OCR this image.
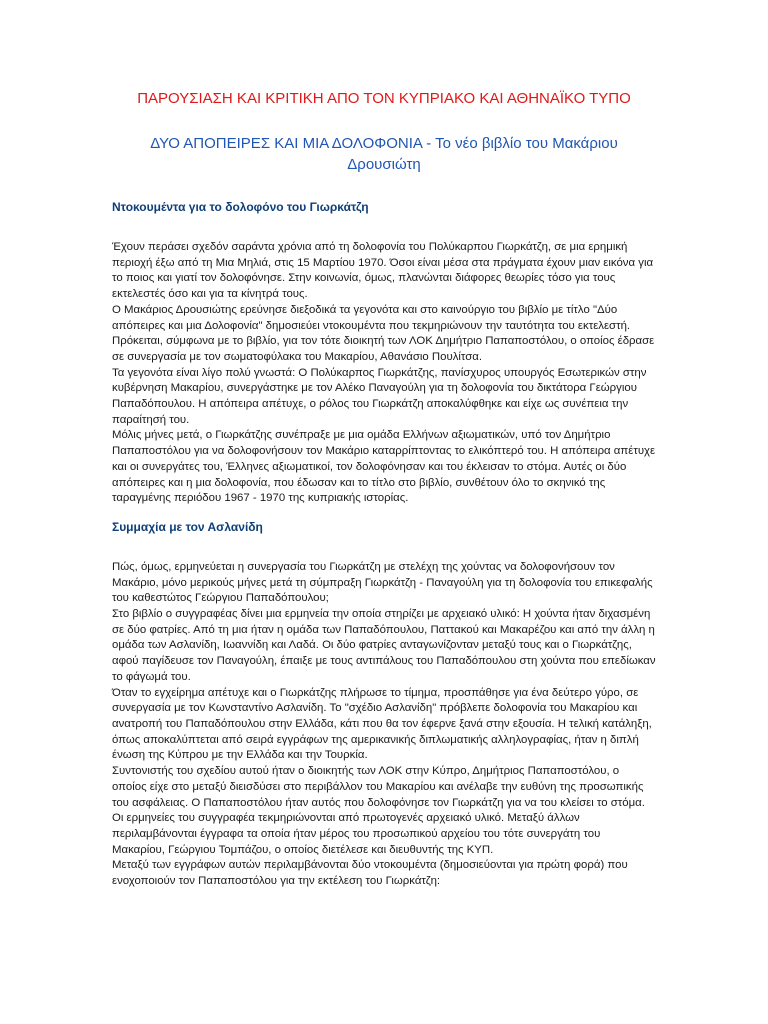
ΠΑΡΟΥΣΙΑΣΗ ΚΑΙ ΚΡΙΤΙΚΗ ΑΠΟ ΤΟΝ ΚΥΠΡΙΑΚΟ ΚΑΙ ΑΘΗΝΑΪΚΟ ΤΥΠΟ
ΔΥΟ ΑΠΟΠΕΙΡΕΣ ΚΑΙ ΜΙΑ ΔΟΛΟΦΟΝΙΑ - Το νέο βιβλίο του Μακάριου Δρουσιώτη
Ντοκουμέντα για το δολοφόνο του Γιωρκάτζη
Έχουν περάσει σχεδόν σαράντα χρόνια από τη δολοφονία του Πολύκαρπου Γιωρκάτζη, σε μια ερημική περιοχή έξω από τη Μια Μηλιά, στις 15 Μαρτίου 1970. Όσοι είναι μέσα στα πράγματα έχουν μιαν εικόνα για το ποιος και γιατί τον δολοφόνησε. Στην κοινωνία, όμως, πλανώνται διάφορες θεωρίες τόσο για τους εκτελεστές όσο και για τα κίνητρά τους.
Ο Μακάριος Δρουσιώτης ερεύνησε διεξοδικά τα γεγονότα και στο καινούργιο του βιβλίο με τίτλο "Δύο απόπειρες και μια Δολοφονία" δημοσιεύει ντοκουμέντα που τεκμηριώνουν την ταυτότητα του εκτελεστή. Πρόκειται, σύμφωνα με το βιβλίο, για τον τότε διοικητή των ΛΟΚ Δημήτριο Παπαποστόλου, ο οποίος έδρασε σε συνεργασία με τον σωματοφύλακα του Μακαρίου, Αθανάσιο Πουλίτσα.
Τα γεγονότα είναι λίγο πολύ γνωστά: Ο Πολύκαρπος Γιωρκάτζης, πανίσχυρος υπουργός Εσωτερικών στην κυβέρνηση Μακαρίου, συνεργάστηκε με τον Αλέκο Παναγούλη για τη δολοφονία του δικτάτορα Γεώργιου Παπαδόπουλου. Η απόπειρα απέτυχε, ο ρόλος του Γιωρκάτζη αποκαλύφθηκε και είχε ως συνέπεια την παραίτησή του.
Μόλις μήνες μετά, ο Γιωρκάτζης συνέπραξε με μια ομάδα Ελλήνων αξιωματικών, υπό τον Δημήτριο Παπαποστόλου για να δολοφονήσουν τον Μακάριο καταρρίπτοντας το ελικόπτερό του. Η απόπειρα απέτυχε και οι συνεργάτες του, Έλληνες αξιωματικοί, τον δολοφόνησαν και του έκλεισαν το στόμα. Αυτές οι δύο απόπειρες και η μια δολοφονία, που έδωσαν και το τίτλο στο βιβλίο, συνθέτουν όλο το σκηνικό της ταραγμένης περιόδου 1967 - 1970 της κυπριακής ιστορίας.
Συμμαχία με τον Ασλανίδη
Πώς, όμως, ερμηνεύεται η συνεργασία του Γιωρκάτζη με στελέχη της χούντας να δολοφονήσουν τον Μακάριο, μόνο μερικούς μήνες μετά τη σύμπραξη Γιωρκάτζη - Παναγούλη για τη δολοφονία του επικεφαλής του καθεστώτος Γεώργιου Παπαδόπουλου;
Στο βιβλίο ο συγγραφέας δίνει μια ερμηνεία την οποία στηρίζει με αρχειακό υλικό: Η χούντα ήταν διχασμένη σε δύο φατρίες. Από τη μια ήταν η ομάδα των Παπαδόπουλου, Παττακού και Μακαρέζου και από την άλλη η ομάδα των Ασλανίδη, Ιωαννίδη και Λαδά. Οι δύο φατρίες ανταγωνίζονταν μεταξύ τους και ο Γιωρκάτζης, αφού παγίδευσε τον Παναγούλη, έπαιξε με τους αντιπάλους του Παπαδόπουλου στη χούντα που επεδίωκαν το φάγωμά του.
Όταν το εγχείρημα απέτυχε και ο Γιωρκάτζης πλήρωσε το τίμημα, προσπάθησε για ένα δεύτερο γύρο, σε συνεργασία με τον Κωνσταντίνο Ασλανίδη. Το "σχέδιο Ασλανίδη" πρόβλεπε δολοφονία του Μακαρίου και ανατροπή του Παπαδόπουλου στην Ελλάδα, κάτι που θα τον έφερνε ξανά στην εξουσία. Η τελική κατάληξη, όπως αποκαλύπτεται από σειρά εγγράφων της αμερικανικής διπλωματικής αλληλογραφίας, ήταν η διπλή ένωση της Κύπρου με την Ελλάδα και την Τουρκία.
Συντονιστής του σχεδίου αυτού ήταν ο διοικητής των ΛΟΚ στην Κύπρο, Δημήτριος Παπαποστόλου, ο οποίος είχε στο μεταξύ διεισδύσει στο περιβάλλον του Μακαρίου και ανέλαβε την ευθύνη της προσωπικής του ασφάλειας. Ο Παπαποστόλου ήταν αυτός που δολοφόνησε τον Γιωρκάτζη για να του κλείσει το στόμα.
Οι ερμηνείες του συγγραφέα τεκμηριώνονται από πρωτογενές αρχειακό υλικό. Μεταξύ άλλων περιλαμβάνονται έγγραφα τα οποία ήταν μέρος του προσωπικού αρχείου του τότε συνεργάτη του Μακαρίου, Γεώργιου Τομπάζου, ο οποίος διετέλεσε και διευθυντής της ΚΥΠ.
Μεταξύ των εγγράφων αυτών περιλαμβάνονται δύο ντοκουμέντα (δημοσιεύονται για πρώτη φορά) που ενοχοποιούν τον Παπαποστόλου για την εκτέλεση του Γιωρκάτζη:
